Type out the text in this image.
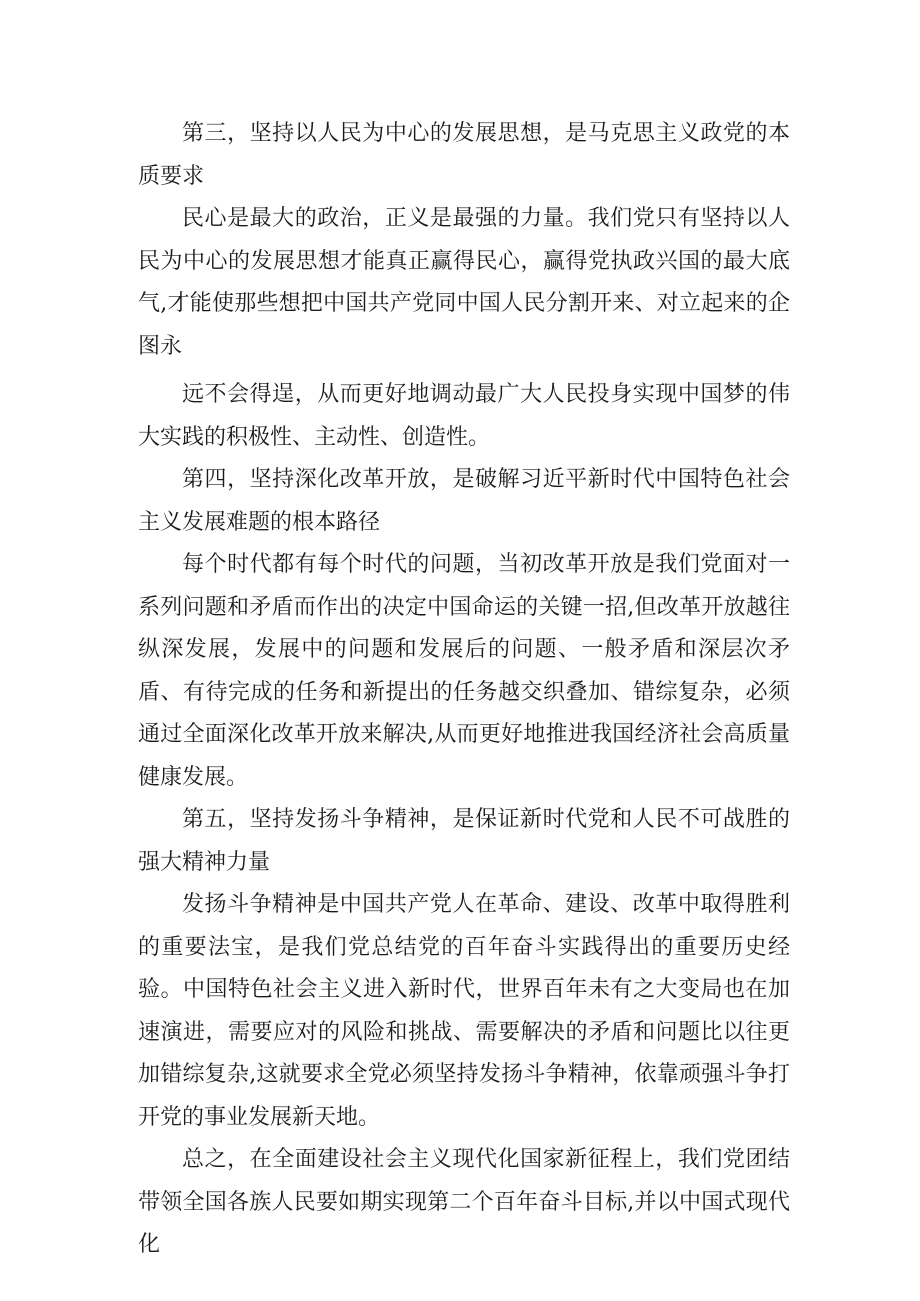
第三，坚持以人民为中心的发展思想，是马克思主义政党的本质要求

民心是最大的政治，正义是最强的力量。我们党只有坚持以人民为中心的发展思想才能真正赢得民心，赢得党执政兴国的最大底气,才能使那些想把中国共产党同中国人民分割开来、对立起来的企图永

远不会得逞，从而更好地调动最广大人民投身实现中国梦的伟大实践的积极性、主动性、创造性。

第四，坚持深化改革开放，是破解习近平新时代中国特色社会主义发展难题的根本路径

每个时代都有每个时代的问题，当初改革开放是我们党面对一系列问题和矛盾而作出的决定中国命运的关键一招,但改革开放越往纵深发展，发展中的问题和发展后的问题、一般矛盾和深层次矛盾、有待完成的任务和新提出的任务越交织叠加、错综复杂，必须通过全面深化改革开放来解决,从而更好地推进我国经济社会高质量健康发展。

第五，坚持发扬斗争精神，是保证新时代党和人民不可战胜的强大精神力量

发扬斗争精神是中国共产党人在革命、建设、改革中取得胜利的重要法宝，是我们党总结党的百年奋斗实践得出的重要历史经验。中国特色社会主义进入新时代，世界百年未有之大变局也在加速演进，需要应对的风险和挑战、需要解决的矛盾和问题比以往更加错综复杂,这就要求全党必须坚持发扬斗争精神，依靠顽强斗争打开党的事业发展新天地。

总之，在全面建设社会主义现代化国家新征程上，我们党团结带领全国各族人民要如期实现第二个百年奋斗目标,并以中国式现代化
